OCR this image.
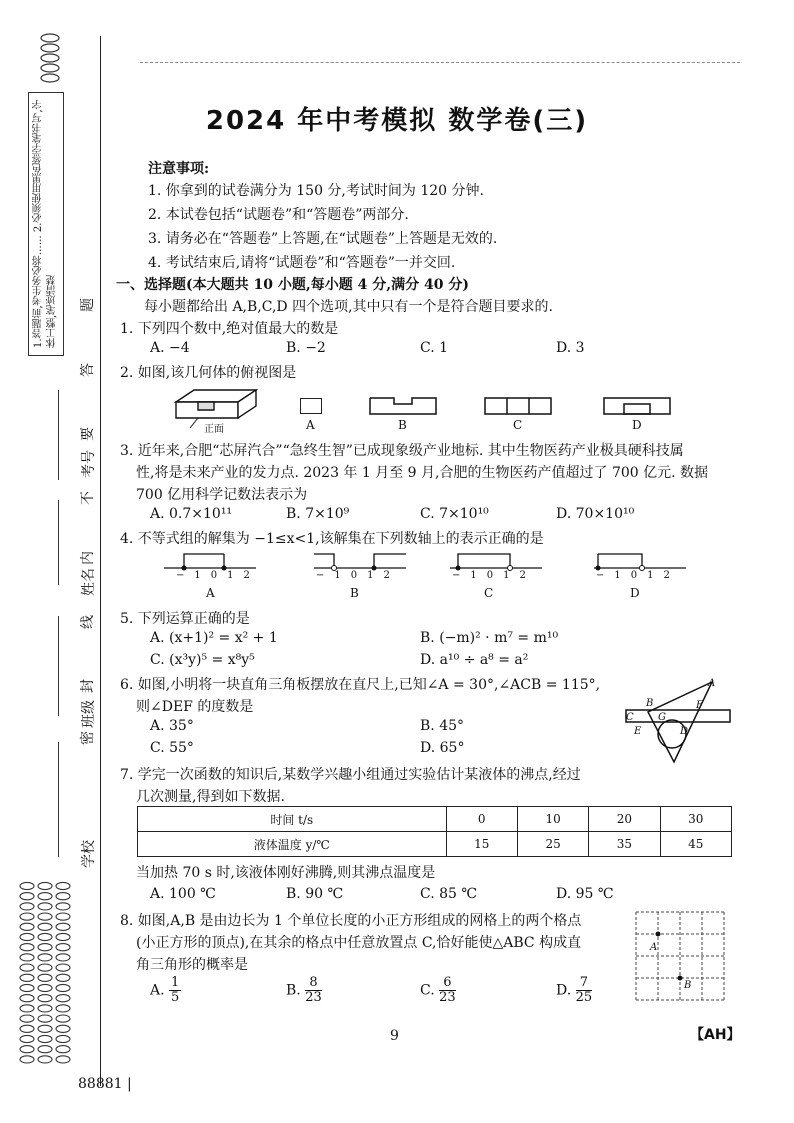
1.答题前,考生务必将…… 2.必须使用黑色签字笔书写,字体工整,笔迹清楚
考号
姓名
班级
学校
题
答
要
不
内
线
封
密
2024 年中考模拟 数学卷(三)
注意事项:
1. 你拿到的试卷满分为 150 分,考试时间为 120 分钟.
2. 本试卷包括“试题卷”和“答题卷”两部分.
3. 请务必在“答题卷”上答题,在“试题卷”上答题是无效的.
4. 考试结束后,请将“试题卷”和“答题卷”一并交回.
一、选择题(本大题共 10 小题,每小题 4 分,满分 40 分)
每小题都给出 A,B,C,D 四个选项,其中只有一个是符合题目要求的.
1. 下列四个数中,绝对值最大的数是
A. −4	B. −2	C. 1	D. 3
2. 如图,该几何体的俯视图是
正面	A	B	C	D
3. 近年来,合肥“芯屏汽合”“急终生智”已成现象级产业地标. 其中生物医药产业极具硬科技属
性,将是未来产业的发力点. 2023 年 1 月至 9 月,合肥的生物医药产值超过了 700 亿元. 数据
700 亿用科学记数法表示为
A. 0.7×10¹¹	B. 7×10⁹	C. 7×10¹⁰	D. 70×10¹⁰
4. 不等式组的解集为 −1≤x<1,该解集在下列数轴上的表示正确的是
−1012	−1012	−1012	−1012
A	B	C	D
5. 下列运算正确的是
A. (x+1)² = x² + 1	B. (−m)² · m⁷ = m¹⁰
C. (x³y)⁵ = x⁸y⁵	D. a¹⁰ ÷ a⁸ = a²
6. 如图,小明将一块直角三角板摆放在直尺上,已知∠A = 30°,∠ACB = 115°,
则∠DEF 的度数是
A. 35°	B. 45°
C. 55°	D. 65°
A
B
C
E
F
D
G
7. 学完一次函数的知识后,某数学兴趣小组通过实验估计某液体的沸点,经过
几次测量,得到如下数据.
时间 t/s	0	10	20	30
液体温度 y/℃	15	25	35	45
当加热 70 s 时,该液体刚好沸腾,则其沸点温度是
A. 100 ℃	B. 90 ℃	C. 85 ℃	D. 95 ℃
8. 如图,A,B 是由边长为 1 个单位长度的小正方形组成的网格上的两个格点
(小正方形的顶点),在其余的格点中任意放置点 C,恰好能使△ABC 构成直
角三角形的概率是
A
B
A. $\frac{1}{5}$	B. $\frac{8}{23}$	C. $\frac{6}{23}$	D. $\frac{7}{25}$
9	【AH】
88881 |
